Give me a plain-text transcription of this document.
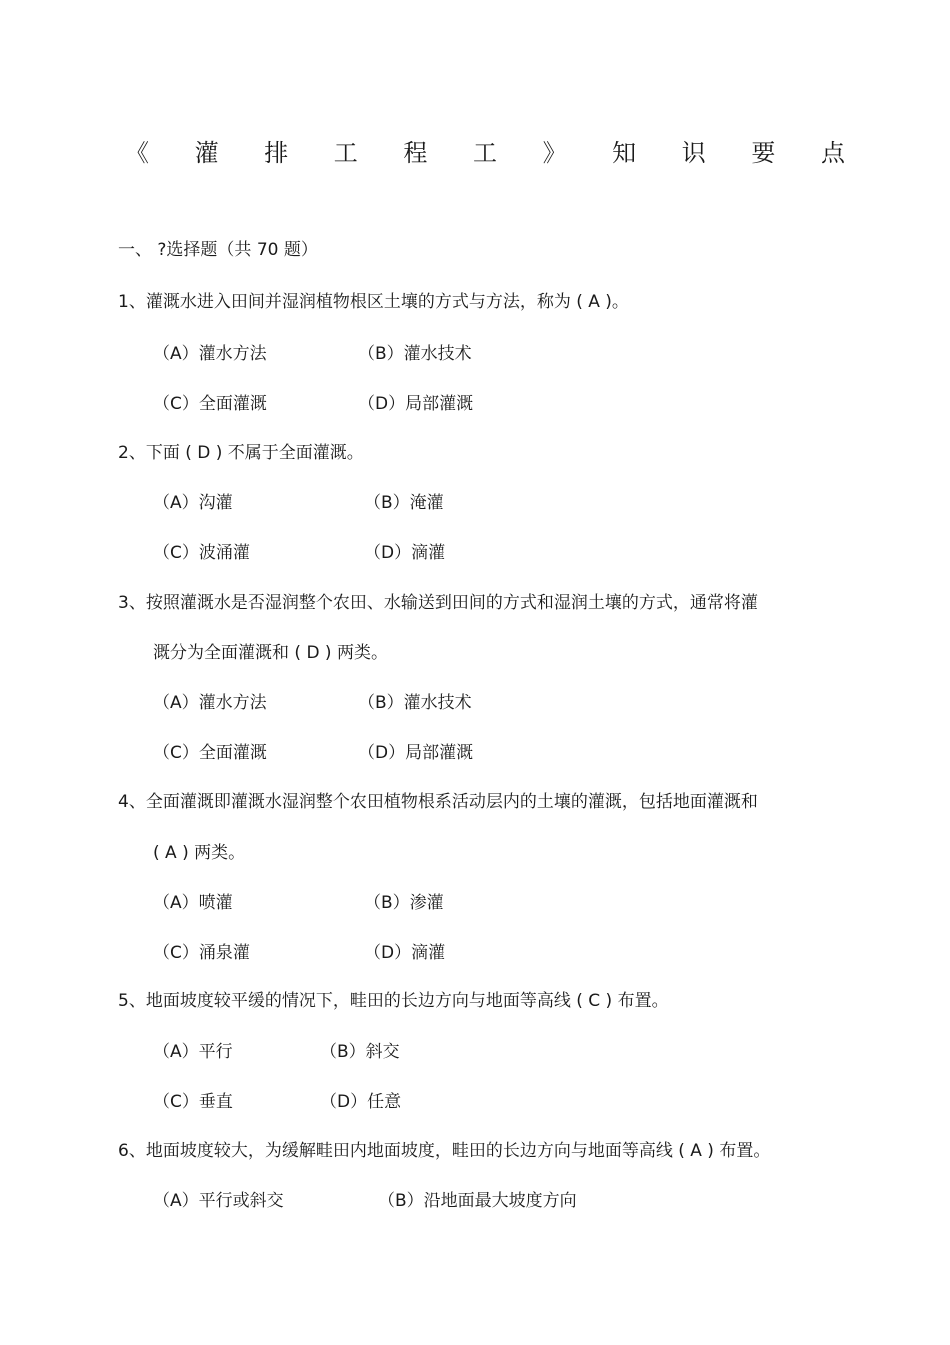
《 灌 排 工 程 工 》 知 识 要 点
一、 ?选择题（共 70 题）
1、灌溉水进入田间并湿润植物根区土壤的方式与方法，称为 ( A )。
（A）灌水方法	（B）灌水技术
（C）全面灌溉	（D）局部灌溉
2、下面 ( D ) 不属于全面灌溉。
（A）沟灌	（B）淹灌
（C）波涌灌	（D）滴灌
3、按照灌溉水是否湿润整个农田、水输送到田间的方式和湿润土壤的方式，通常将灌
溉分为全面灌溉和 ( D ) 两类。
（A）灌水方法	（B）灌水技术
（C）全面灌溉	（D）局部灌溉
4、全面灌溉即灌溉水湿润整个农田植物根系活动层内的土壤的灌溉，包括地面灌溉和
( A ) 两类。
（A）喷灌	（B）渗灌
（C）涌泉灌	（D）滴灌
5、地面坡度较平缓的情况下，畦田的长边方向与地面等高线 ( C ) 布置。
（A）平行	（B）斜交
（C）垂直	（D）任意
6、地面坡度较大，为缓解畦田内地面坡度，畦田的长边方向与地面等高线 ( A ) 布置。
（A）平行或斜交	（B）沿地面最大坡度方向
